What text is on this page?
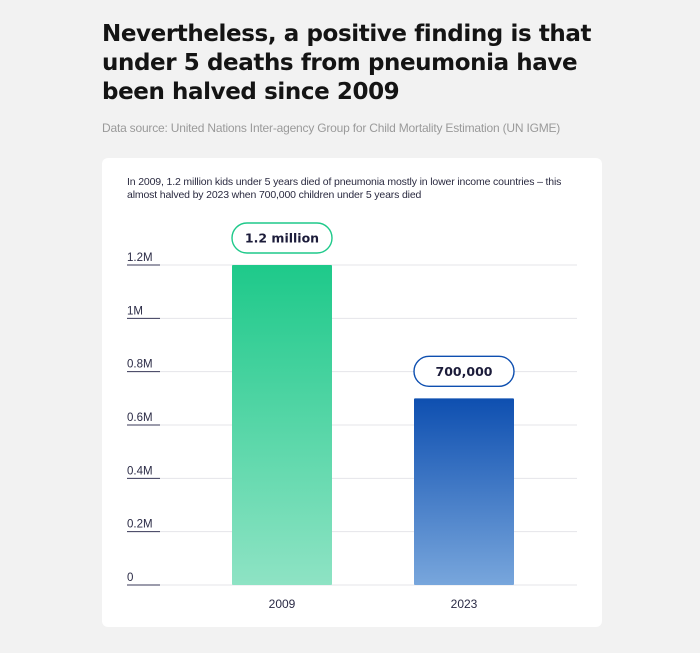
Nevertheless, a positive finding is that under 5 deaths from pneumonia have been halved since 2009
Data source: United Nations Inter-agency Group for Child Mortality Estimation (UN IGME)
In 2009, 1.2 million kids under 5 years died of pneumonia mostly in lower income countries – this almost halved by 2023 when 700,000 children under 5 years died
0
0.2M
0.4M
0.6M
0.8M
1M
1.2M
2009
1.2 million
2023
700,000
